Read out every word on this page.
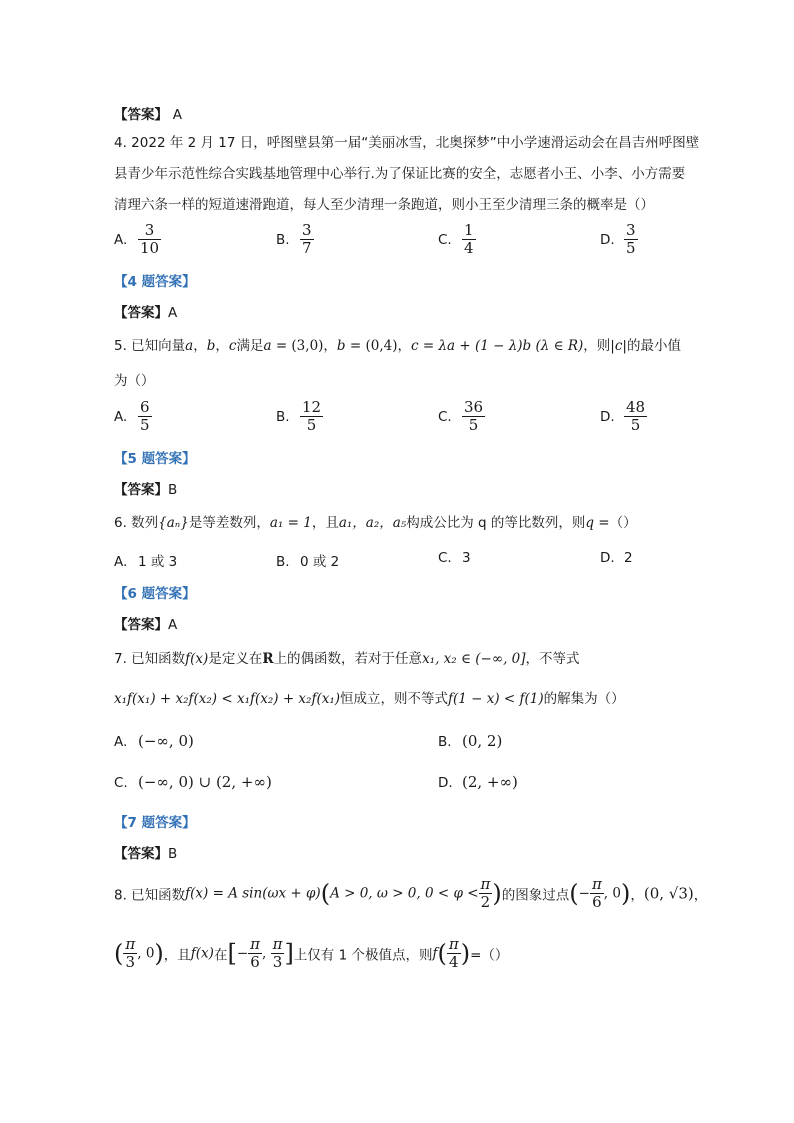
【答案】 A
4. 2022 年 2 月 17 日，呼图壁县第一届“美丽冰雪，北奥探梦”中小学速滑运动会在昌吉州呼图壁
县青少年示范性综合实践基地管理中心举行.为了保证比赛的安全，志愿者小王、小李、小方需要
清理六条一样的短道速滑跑道，每人至少清理一条跑道，则小王至少清理三条的概率是（）
A. $\frac{3}{10}$	B. $\frac{3}{7}$	C. $\frac{1}{4}$	D. $\frac{3}{5}$
【4 题答案】
【答案】A
5. 已知向量a，b，c满足a = (3,0)，b = (0,4)，c = λa + (1 − λ)b (λ ∈ R)，则|c|的最小值
为（）
A. $\frac{6}{5}$	B. $\frac{12}{5}$	C. $\frac{36}{5}$	D. $\frac{48}{5}$
【5 题答案】
【答案】B
6. 数列{aₙ}是等差数列，a₁ = 1，且a₁，a₂，a₅构成公比为 q 的等比数列，则q =（）
A. 1 或 3	B. 0 或 2	C. 3	D. 2
【6 题答案】
【答案】A
7. 已知函数f(x)是定义在R上的偶函数，若对于任意x₁, x₂ ∈ (−∞, 0]，不等式
x₁f(x₁) + x₂f(x₂) < x₁f(x₂) + x₂f(x₁)恒成立，则不等式f(1 − x) < f(1)的解集为（）
A. (−∞, 0)	B. (0, 2)
C. (−∞, 0) ∪ (2, +∞)	D. (2, +∞)
【7 题答案】
【答案】B
8. 已知函数f(x) = A sin(ωx + φ)(A > 0, ω > 0, $0 < \varphi < \frac{\pi}{2}$ )的图象过点(− $\frac{\pi}{6}$ , 0)，(0, √3)，
( $\frac{\pi}{3}$ , 0)，且f(x)在[− $\frac{\pi}{6}$ , $\frac{\pi}{3}$ ]上仅有 1 个极值点，则$f( \frac{\pi}{4}$ )=（）
